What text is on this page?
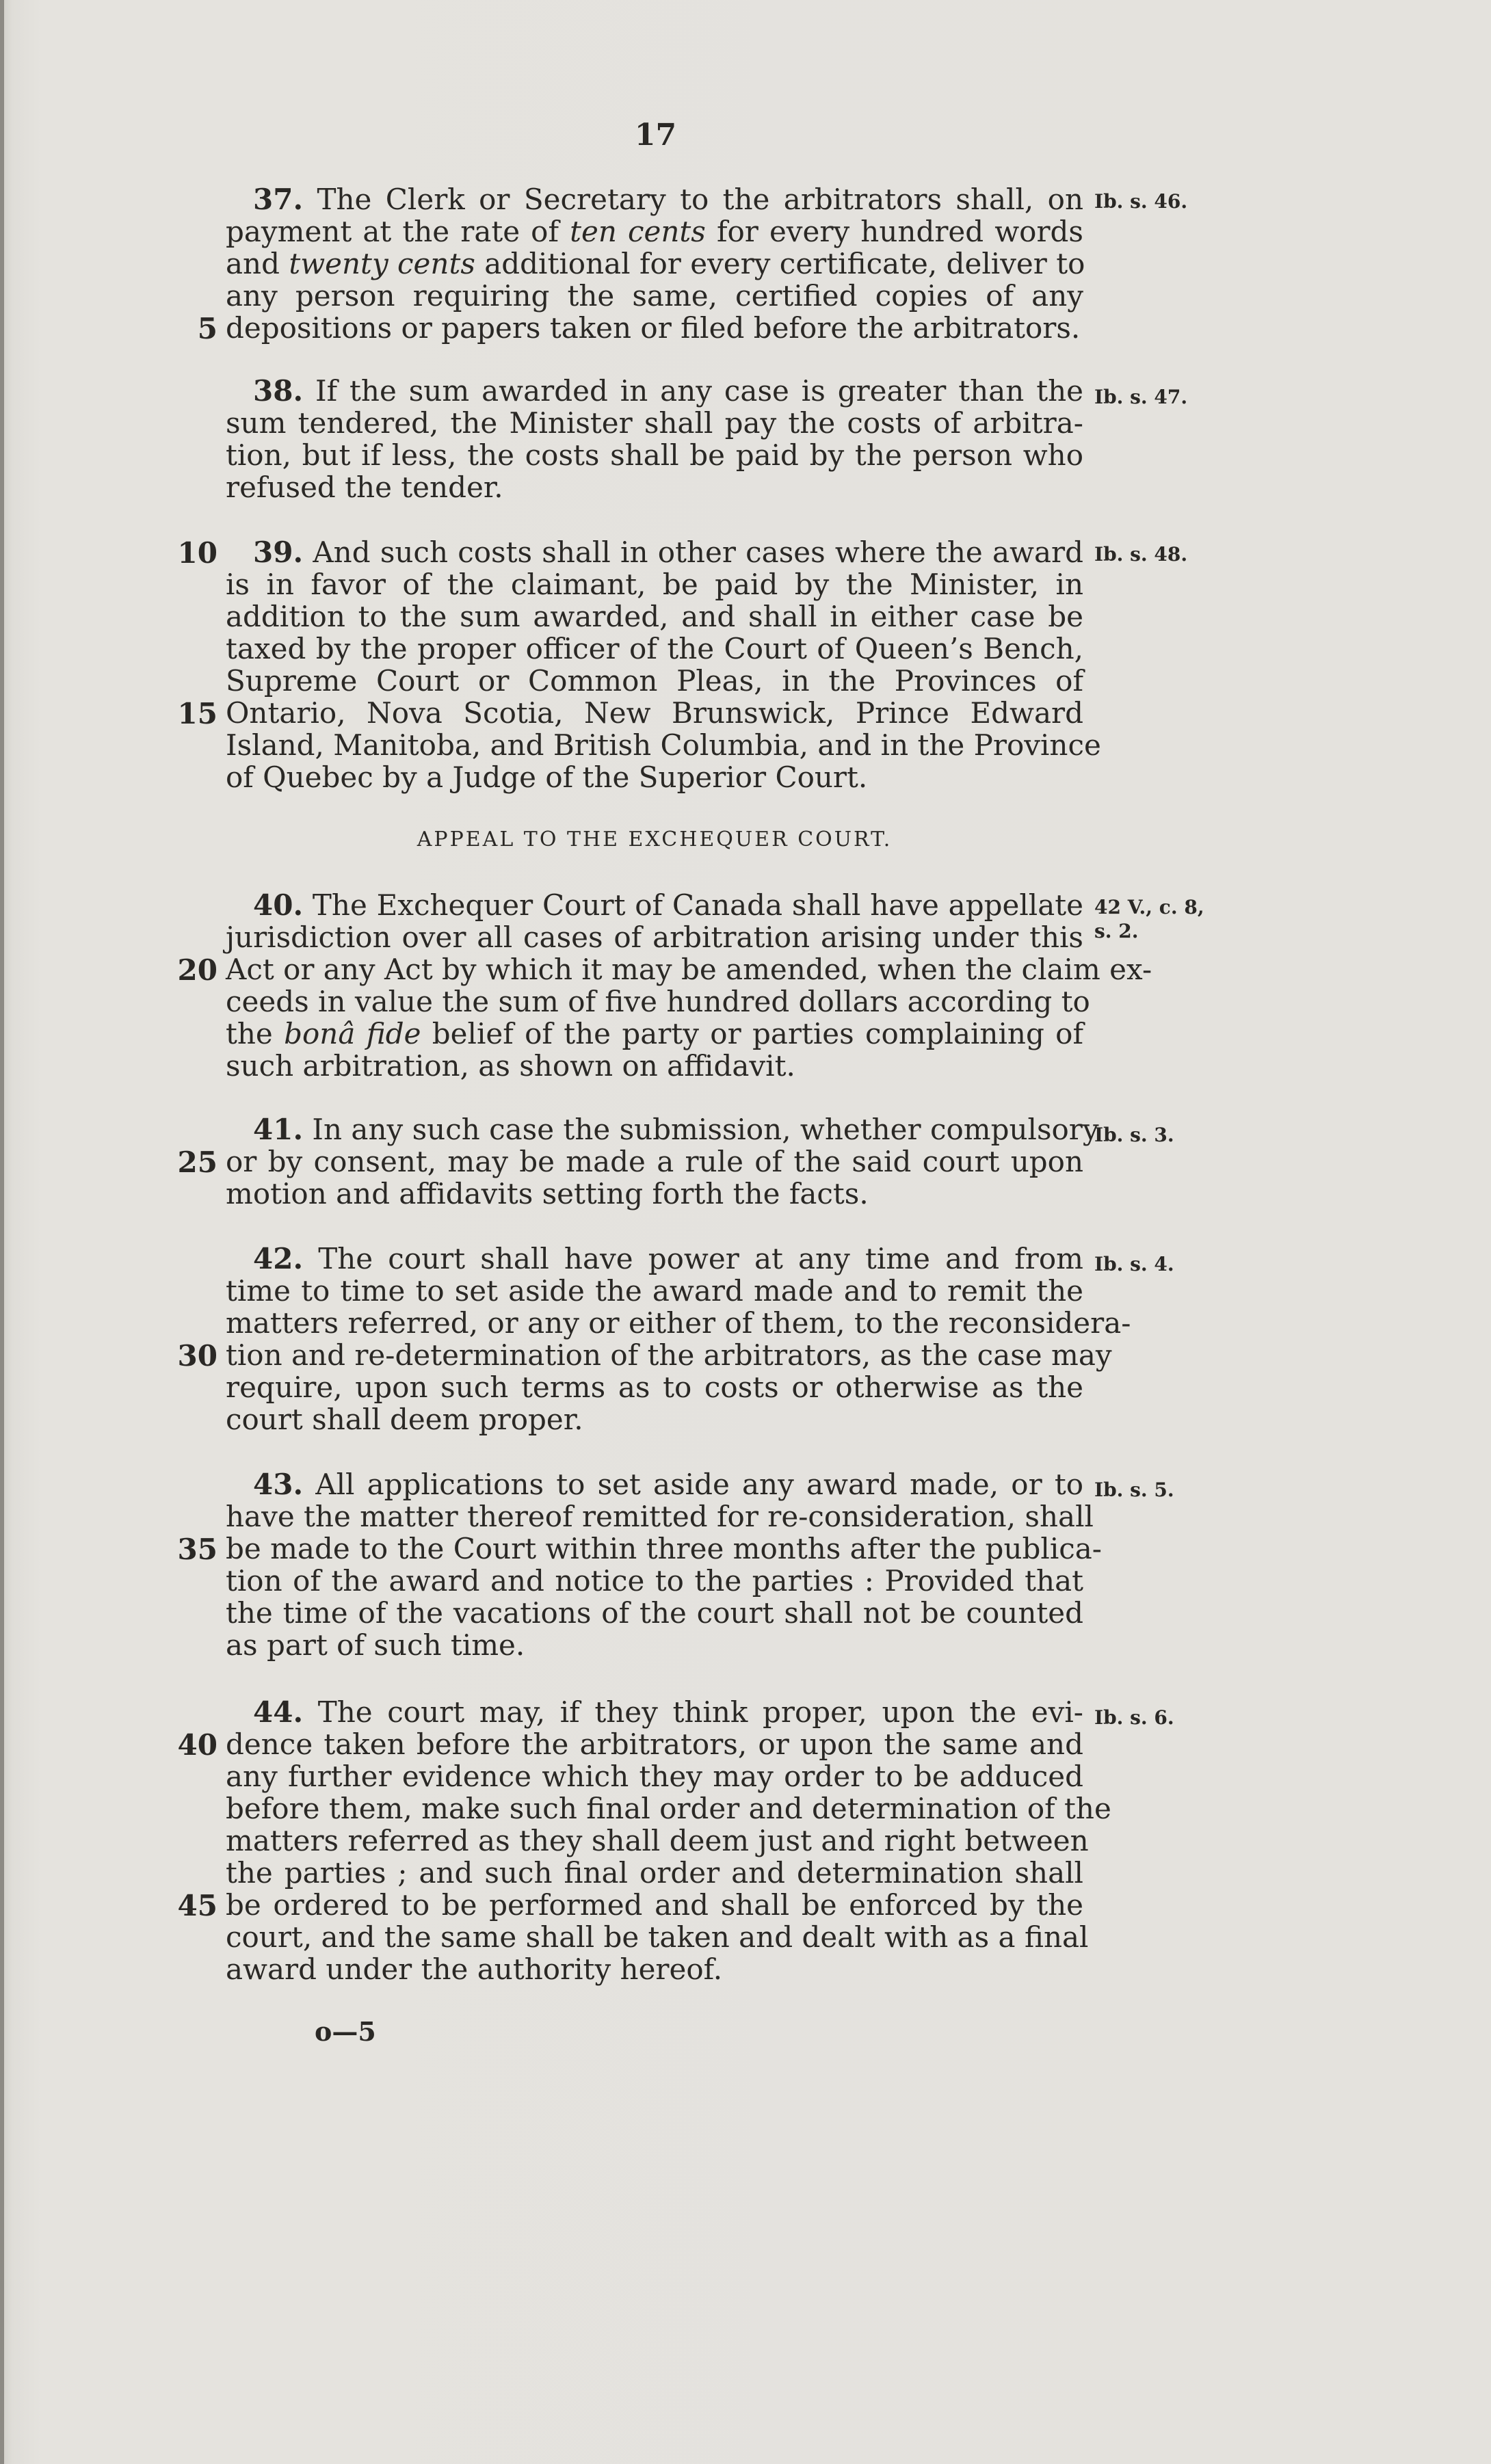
17
37. The Clerk or Secretary to the arbitrators shall, on
payment at the rate of ten cents for every hundred words
and twenty cents additional for every certificate, deliver to
any person requiring the same, certified copies of any
depositions or papers taken or filed before the arbitrators.
38. If the sum awarded in any case is greater than the
sum tendered, the Minister shall pay the costs of arbitra-
tion, but if less, the costs shall be paid by the person who
refused the tender.
39. And such costs shall in other cases where the award
is in favor of the claimant, be paid by the Minister, in
addition to the sum awarded, and shall in either case be
taxed by the proper officer of the Court of Queen’s Bench,
Supreme Court or Common Pleas, in the Provinces of
Ontario, Nova Scotia, New Brunswick, Prince Edward
Island, Manitoba, and British Columbia, and in the Province
of Quebec by a Judge of the Superior Court.
APPEAL TO THE EXCHEQUER COURT.
40. The Exchequer Court of Canada shall have appellate
jurisdiction over all cases of arbitration arising under this
Act or any Act by which it may be amended, when the claim ex-
ceeds in value the sum of five hundred dollars according to
the bonâ fide belief of the party or parties complaining of
such arbitration, as shown on affidavit.
41. In any such case the submission, whether compulsory
or by consent, may be made a rule of the said court upon
motion and affidavits setting forth the facts.
42. The court shall have power at any time and from
time to time to set aside the award made and to remit the
matters referred, or any or either of them, to the reconsidera-
tion and re-determination of the arbitrators, as the case may
require, upon such terms as to costs or otherwise as the
court shall deem proper.
43. All applications to set aside any award made, or to
have the matter thereof remitted for re-consideration, shall
be made to the Court within three months after the publica-
tion of the award and notice to the parties : Provided that
the time of the vacations of the court shall not be counted
as part of such time.
44. The court may, if they think proper, upon the evi-
dence taken before the arbitrators, or upon the same and
any further evidence which they may order to be adduced
before them, make such final order and determination of the
matters referred as they shall deem just and right between
the parties ; and such final order and determination shall
be ordered to be performed and shall be enforced by the
court, and the same shall be taken and dealt with as a final
award under the authority hereof.
5
10
15
20
25
30
35
40
45
Ib. s. 46.
Ib. s. 47.
Ib. s. 48.
42 V., c. 8,
s. 2.
Ib. s. 3.
Ib. s. 4.
Ib. s. 5.
Ib. s. 6.
o—5
